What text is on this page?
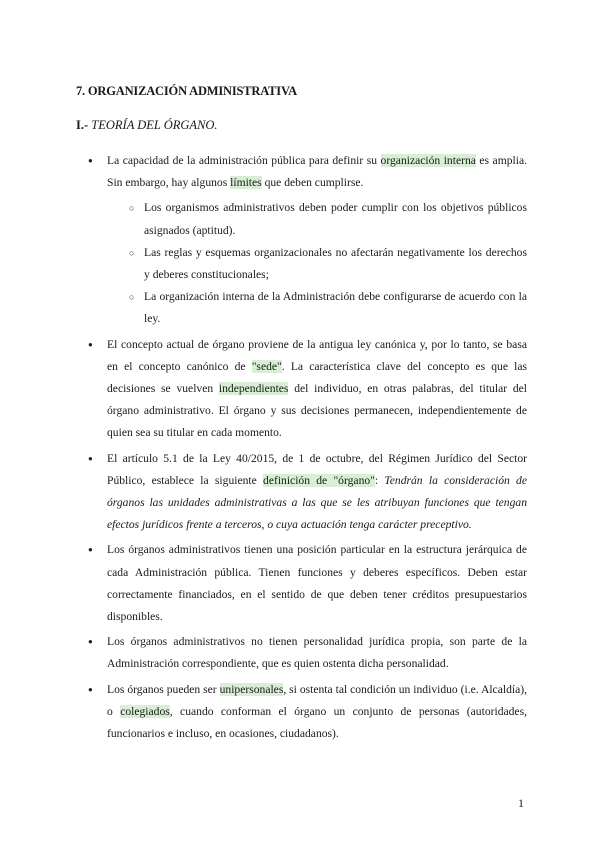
7. ORGANIZACIÓN ADMINISTRATIVA
I.- TEORÍA DEL ÓRGANO.
● La capacidad de la administración pública para definir su organización interna es amplia. Sin embargo, hay algunos límites que deben cumplirse.
○ Los organismos administrativos deben poder cumplir con los objetivos públicos asignados (aptitud).
○ Las reglas y esquemas organizacionales no afectarán negativamente los derechos y deberes constitucionales;
○ La organización interna de la Administración debe configurarse de acuerdo con la ley.
● El concepto actual de órgano proviene de la antigua ley canónica y, por lo tanto, se basa en el concepto canónico de "sede". La característica clave del concepto es que las decisiones se vuelven independientes del individuo, en otras palabras, del titular del órgano administrativo. El órgano y sus decisiones permanecen, independientemente de quien sea su titular en cada momento.
● El artículo 5.1 de la Ley 40/2015, de 1 de octubre, del Régimen Jurídico del Sector Público, establece la siguiente definición de "órgano": Tendrán la consideración de órganos las unidades administrativas a las que se les atribuyan funciones que tengan efectos jurídicos frente a terceros, o cuya actuación tenga carácter preceptivo.
● Los órganos administrativos tienen una posición particular en la estructura jerárquica de cada Administración pública. Tienen funciones y deberes específicos. Deben estar correctamente financiados, en el sentido de que deben tener créditos presupuestarios disponibles.
● Los órganos administrativos no tienen personalidad jurídica propia, son parte de la Administración correspondiente, que es quien ostenta dicha personalidad.
● Los órganos pueden ser unipersonales, si ostenta tal condición un individuo (i.e. Alcaldía), o colegiados, cuando conforman el órgano un conjunto de personas (autoridades, funcionarios e incluso, en ocasiones, ciudadanos).
1
